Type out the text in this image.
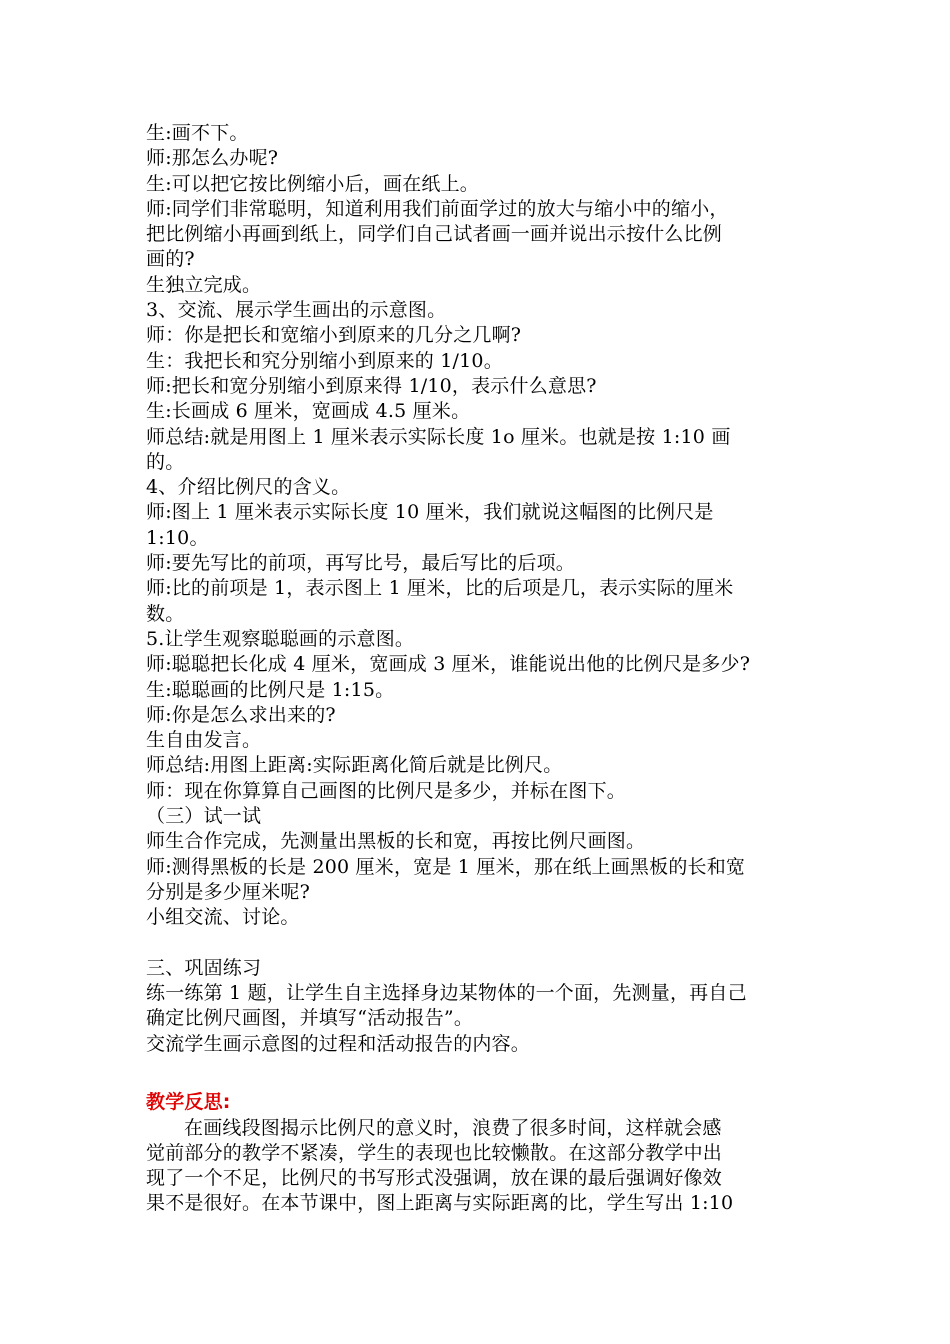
生:画不下。
师:那怎么办呢?
生:可以把它按比例缩小后，画在纸上。
师:同学们非常聪明，知道利用我们前面学过的放大与缩小中的缩小，
把比例缩小再画到纸上，同学们自己试者画一画并说出示按什么比例
画的?
生独立完成。
3、交流、展示学生画出的示意图。
师：你是把长和宽缩小到原来的几分之几啊?
生：我把长和究分别缩小到原来的 1/10。
师:把长和宽分别缩小到原来得 1/10，表示什么意思?
生:长画成 6 厘米，宽画成 4.5 厘米。
师总结:就是用图上 1 厘米表示实际长度 1o 厘米。也就是按 1:10 画
的。
4、介绍比例尺的含义。
师:图上 1 厘米表示实际长度 10 厘米，我们就说这幅图的比例尺是
1:10。
师:要先写比的前项，再写比号，最后写比的后项。
师:比的前项是 1，表示图上 1 厘米，比的后项是几，表示实际的厘米
数。
5.让学生观察聪聪画的示意图。
师:聪聪把长化成 4 厘米，宽画成 3 厘米，谁能说出他的比例尺是多少?
生:聪聪画的比例尺是 1:15。
师:你是怎么求出来的?
生自由发言。
师总结:用图上距离:实际距离化简后就是比例尺。
师：现在你算算自己画图的比例尺是多少，并标在图下。
（三）试一试
师生合作完成，先测量出黑板的长和宽，再按比例尺画图。
师:测得黑板的长是 200 厘米，宽是 1 厘米，那在纸上画黑板的长和宽
分别是多少厘米呢?
小组交流、讨论。
三、巩固练习
练一练第 1 题，让学生自主选择身边某物体的一个面，先测量，再自己
确定比例尺画图，并填写“活动报告”。
交流学生画示意图的过程和活动报告的内容。
教学反思:
在画线段图揭示比例尺的意义时，浪费了很多时间，这样就会感
觉前部分的教学不紧凑，学生的表现也比较懒散。在这部分教学中出
现了一个不足，比例尺的书写形式没强调，放在课的最后强调好像效
果不是很好。在本节课中，图上距离与实际距离的比，学生写出 1:10
